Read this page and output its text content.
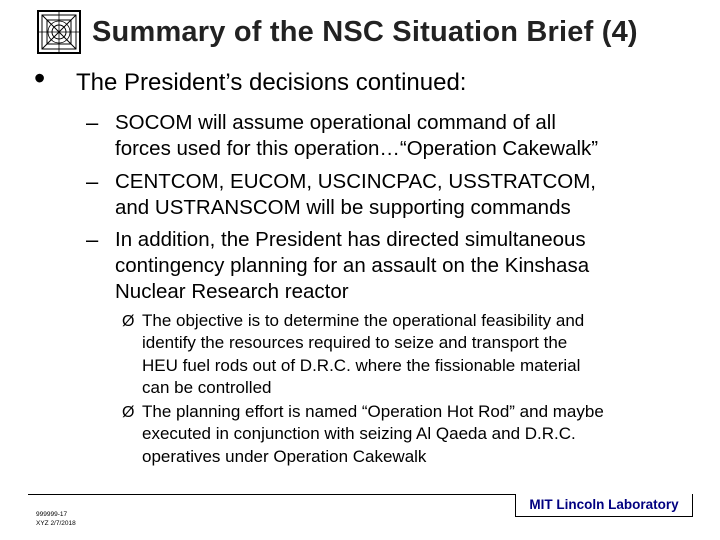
Summary of the NSC Situation Brief (4)
• The President’s decisions continued:
– SOCOM will assume operational command of all
forces used for this operation…“Operation Cakewalk”
– CENTCOM, EUCOM, USCINCPAC, USSTRATCOM,
and USTRANSCOM will be supporting commands
– In addition, the President has directed simultaneous
contingency planning for an assault on the Kinshasa
Nuclear Research reactor
Ø The objective is to determine the operational feasibility and
identify the resources required to seize and transport the
HEU fuel rods out of D.R.C. where the fissionable material
can be controlled
Ø The planning effort is named “Operation Hot Rod” and maybe
executed in conjunction with seizing Al Qaeda and D.R.C.
operatives under Operation Cakewalk
999999-17
XYZ 2/7/2018
MIT Lincoln Laboratory
